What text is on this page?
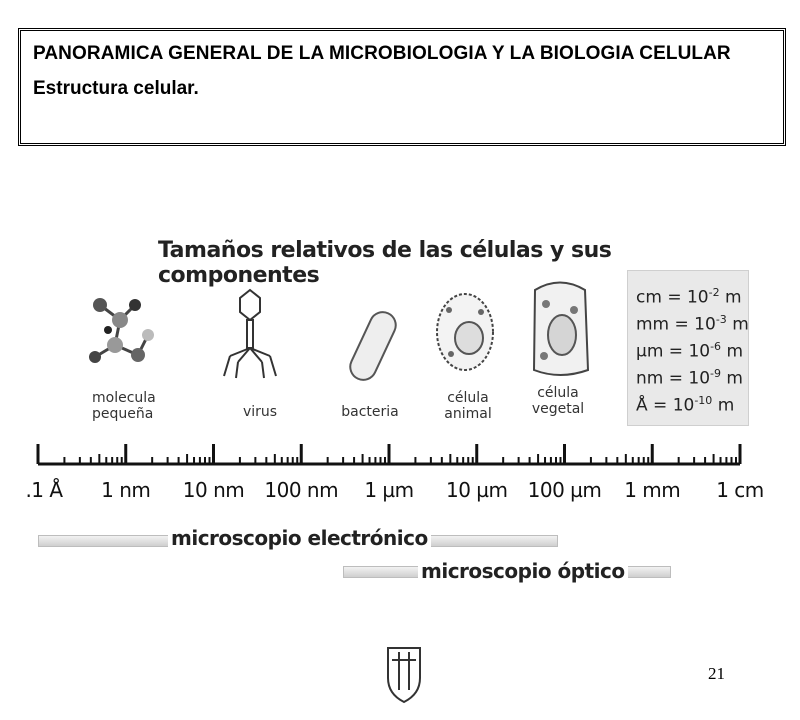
PANORAMICA GENERAL DE LA MICROBIOLOGIA Y LA BIOLOGIA CELULAR
Estructura celular.
Tamaños relativos de las células y sus componentes
molecula
pequeña	virus	bacteria
célula
animal
célula
vegetal
cm = $10^{-2}$ m
mm = $10^{-3}$ m
$\mu m = 10^{-6}$ m
nm = $10^{-9}$ m
Å = $10^{-10}$ m
.1 Å 1 nm 10 nm 100 nm 1 µm 10 µm 100 µm 1 mm 1 cm
microscopio electrónico
microscopio óptico
21
